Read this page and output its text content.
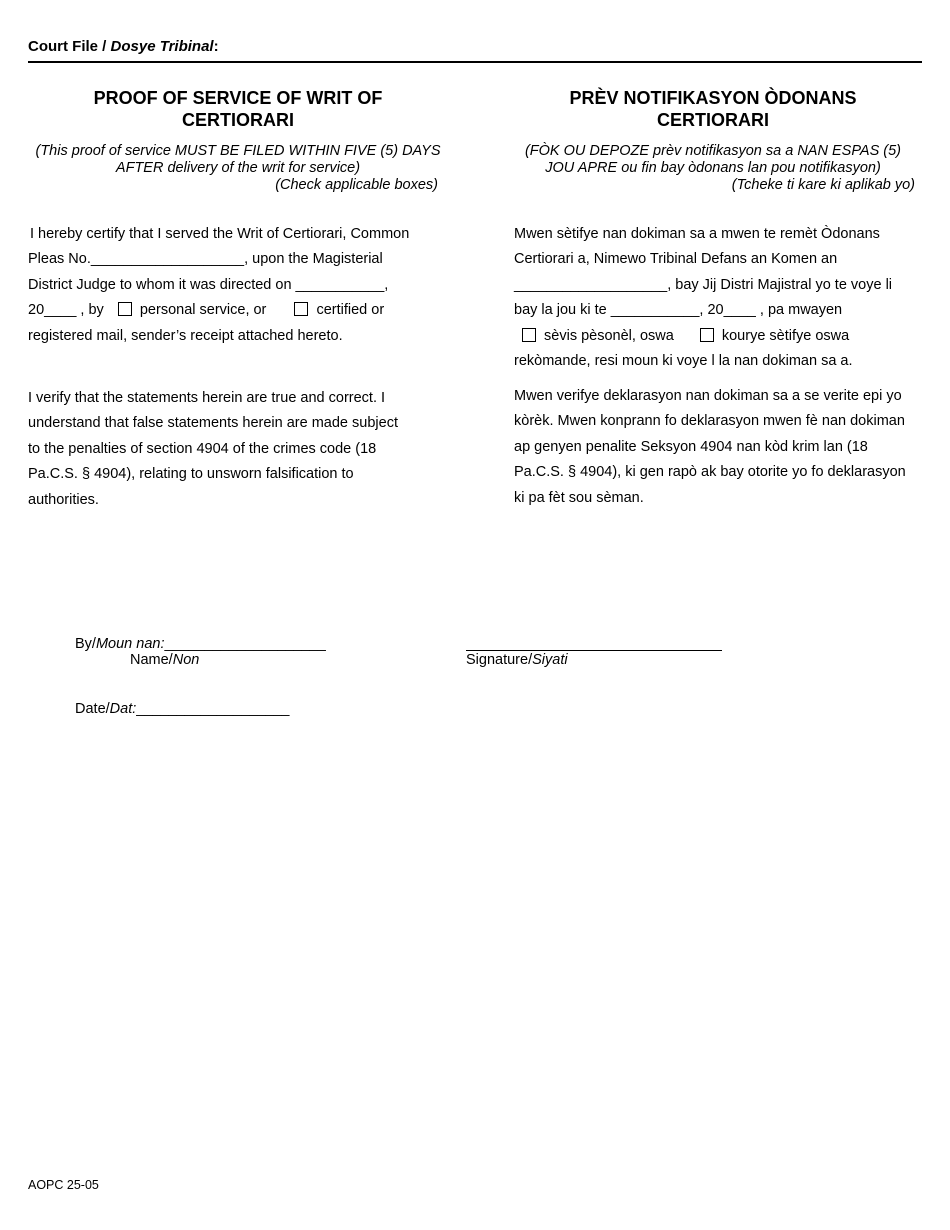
Court File / Dosye Tribinal:
PROOF OF SERVICE OF WRIT OF
CERTIORARI
(This proof of service MUST BE FILED WITHIN FIVE (5) DAYS
AFTER delivery of the writ for service)
(Check applicable boxes)
I hereby certify that I served the Writ of Certiorari, Common
Pleas No.___________________, upon the Magisterial
District Judge to whom it was directed on ___________,
20____ , by personal service, or	certified or
registered mail, sender’s receipt attached hereto.
I verify that the statements herein are true and correct. I
understand that false statements herein are made subject
to the penalties of section 4904 of the crimes code (18
Pa.C.S. § 4904), relating to unsworn falsification to
authorities.
PRÈV NOTIFIKASYON ÒDONANS
CERTIORARI
(FÒK OU DEPOZE prèv notifikasyon sa a NAN ESPAS (5)
JOU APRE ou fin bay òdonans lan pou notifikasyon)
(Tcheke ti kare ki aplikab yo)
Mwen sètifye nan dokiman sa a mwen te remèt Òdonans
Certiorari a, Nimewo Tribinal Defans an Komen an
___________________, bay Jij Distri Majistral yo te voye li
bay la jou ki te ___________, 20____ , pa mwayen
sèvis pèsonèl, oswa	kourye sètifye oswa
rekòmande, resi moun ki voye l la nan dokiman sa a.
Mwen verifye deklarasyon nan dokiman sa a se verite epi yo
kòrèk. Mwen konprann fo deklarasyon mwen fè nan dokiman
ap genyen penalite Seksyon 4904 nan kòd krim lan (18
Pa.C.S. § 4904), ki gen rapò ak bay otorite yo fo deklarasyon
ki pa fèt sou sèman.
By/Moun nan:____________________
Name/Non	Signature/Siyati
Date/Dat:___________________
AOPC 25-05
